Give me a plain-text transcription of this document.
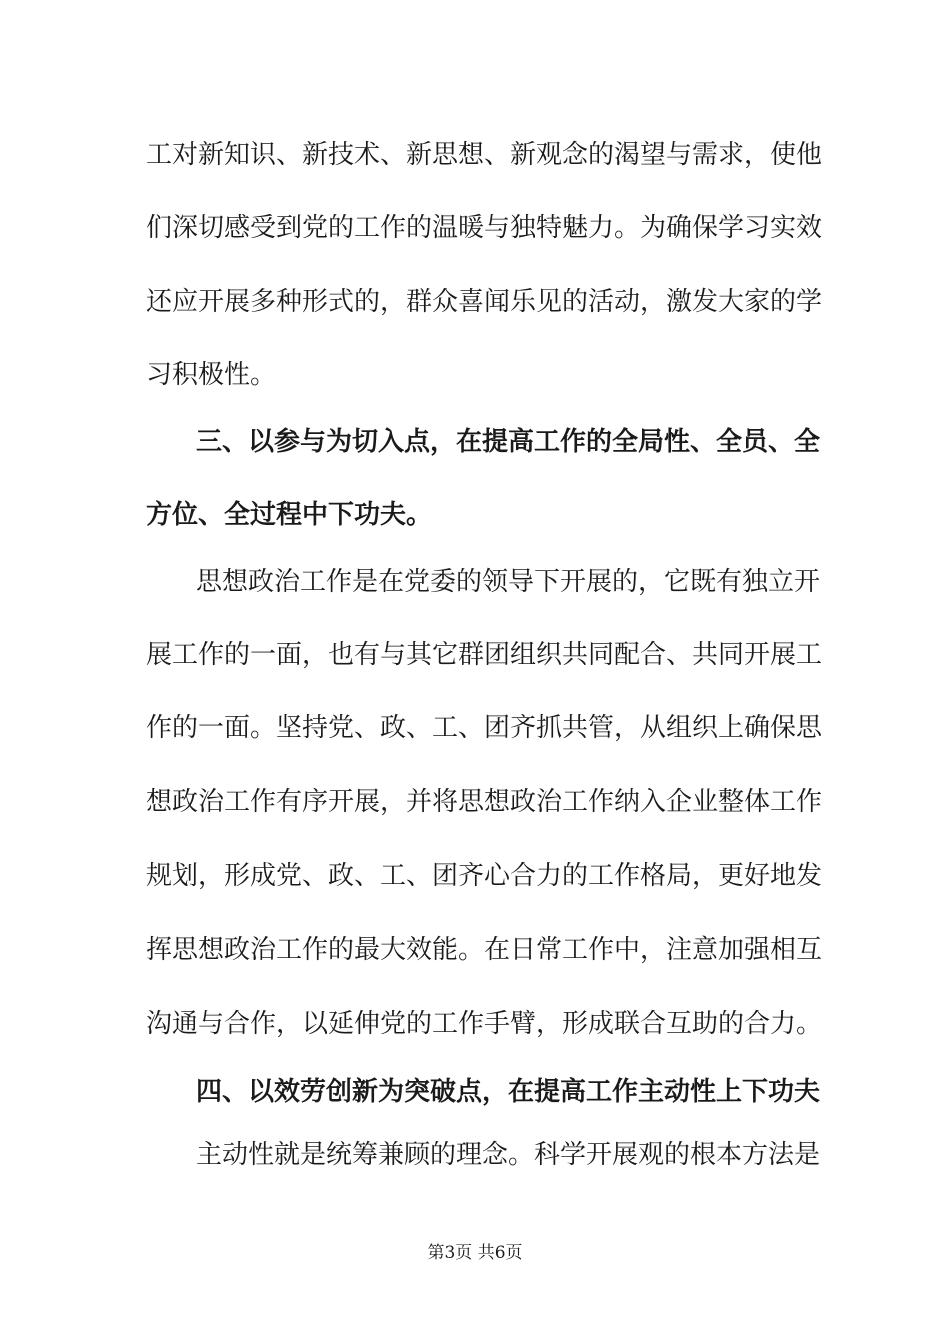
工对新知识、新技术、新思想、新观念的渴望与需求，使他
们深切感受到党的工作的温暖与独特魅力。为确保学习实效
还应开展多种形式的，群众喜闻乐见的活动，激发大家的学
习积极性。
三、以参与为切入点，在提高工作的全局性、全员、全
方位、全过程中下功夫。
思想政治工作是在党委的领导下开展的，它既有独立开
展工作的一面，也有与其它群团组织共同配合、共同开展工
作的一面。坚持党、政、工、团齐抓共管，从组织上确保思
想政治工作有序开展，并将思想政治工作纳入企业整体工作
规划，形成党、政、工、团齐心合力的工作格局，更好地发
挥思想政治工作的最大效能。在日常工作中，注意加强相互
沟通与合作，以延伸党的工作手臂，形成联合互助的合力。
四、以效劳创新为突破点，在提高工作主动性上下功夫
主动性就是统筹兼顾的理念。科学开展观的根本方法是
第3页 共6页
